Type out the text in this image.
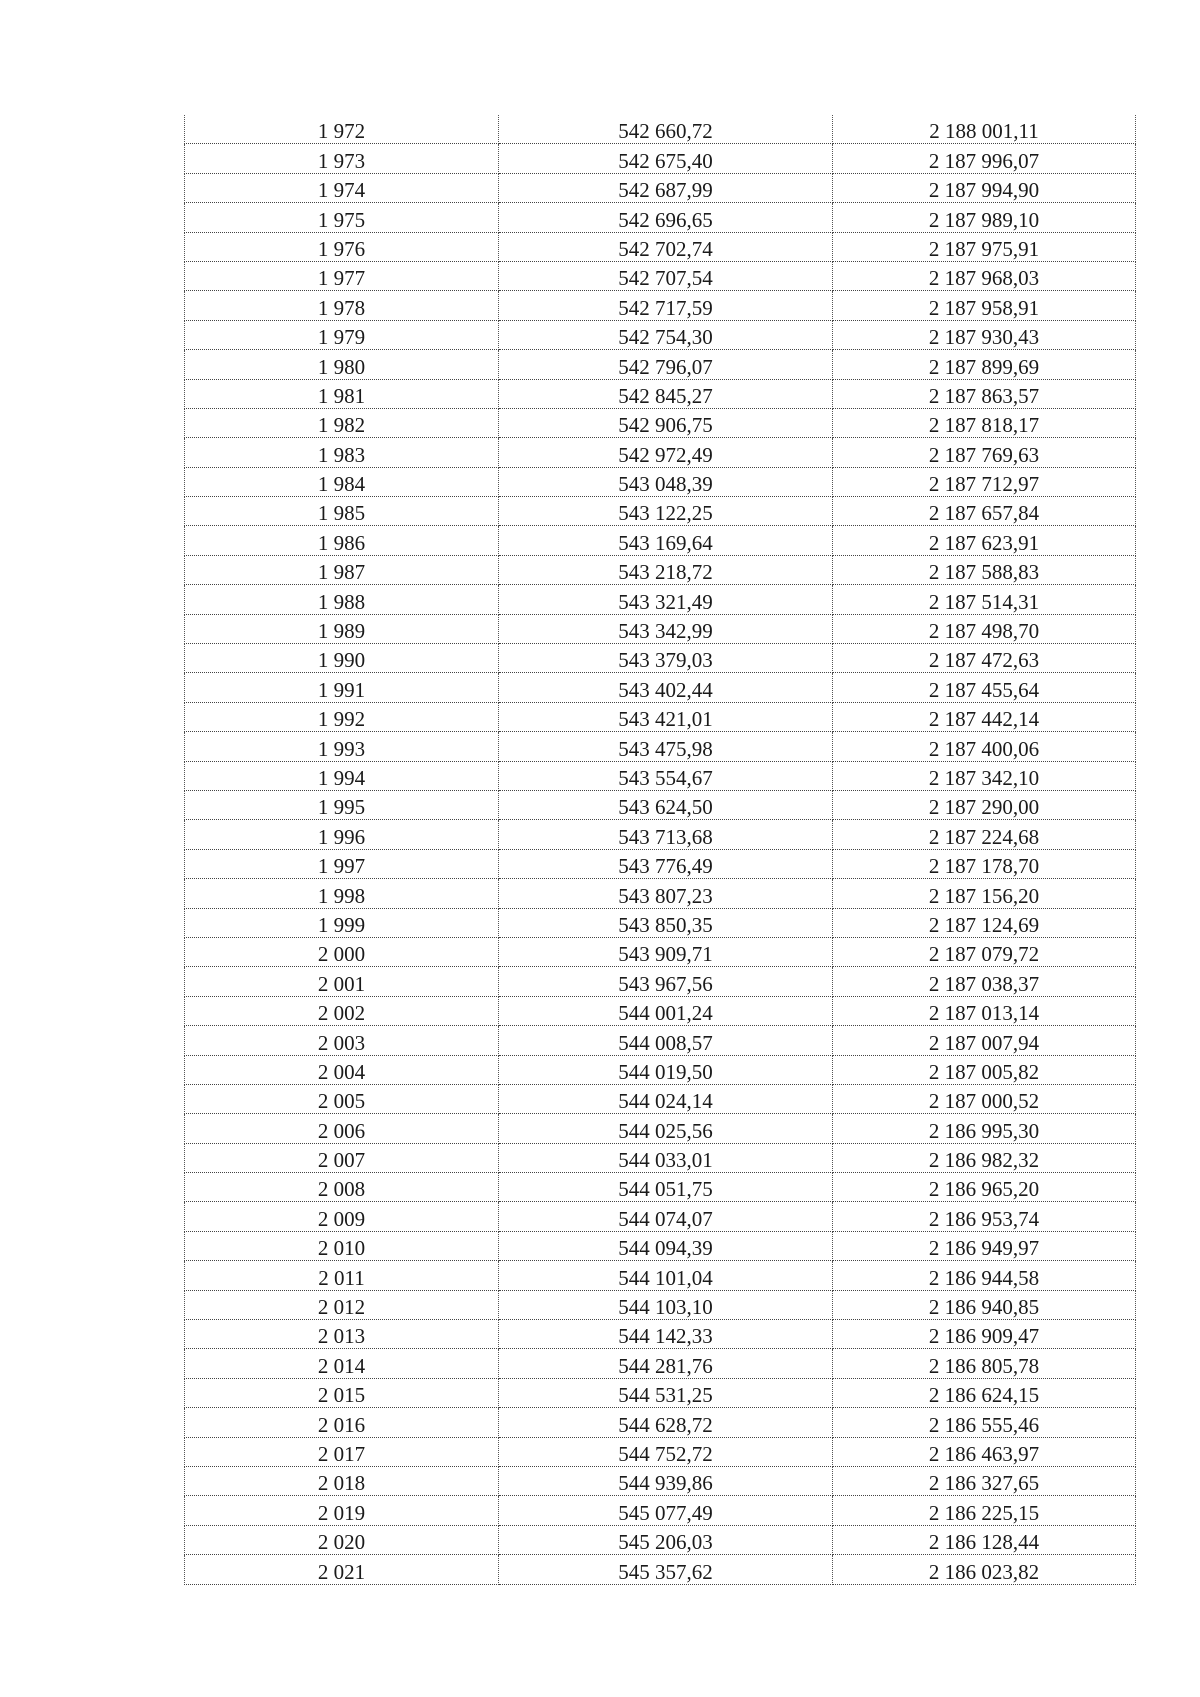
1 972	542 660,72	2 188 001,11
1 973	542 675,40	2 187 996,07
1 974	542 687,99	2 187 994,90
1 975	542 696,65	2 187 989,10
1 976	542 702,74	2 187 975,91
1 977	542 707,54	2 187 968,03
1 978	542 717,59	2 187 958,91
1 979	542 754,30	2 187 930,43
1 980	542 796,07	2 187 899,69
1 981	542 845,27	2 187 863,57
1 982	542 906,75	2 187 818,17
1 983	542 972,49	2 187 769,63
1 984	543 048,39	2 187 712,97
1 985	543 122,25	2 187 657,84
1 986	543 169,64	2 187 623,91
1 987	543 218,72	2 187 588,83
1 988	543 321,49	2 187 514,31
1 989	543 342,99	2 187 498,70
1 990	543 379,03	2 187 472,63
1 991	543 402,44	2 187 455,64
1 992	543 421,01	2 187 442,14
1 993	543 475,98	2 187 400,06
1 994	543 554,67	2 187 342,10
1 995	543 624,50	2 187 290,00
1 996	543 713,68	2 187 224,68
1 997	543 776,49	2 187 178,70
1 998	543 807,23	2 187 156,20
1 999	543 850,35	2 187 124,69
2 000	543 909,71	2 187 079,72
2 001	543 967,56	2 187 038,37
2 002	544 001,24	2 187 013,14
2 003	544 008,57	2 187 007,94
2 004	544 019,50	2 187 005,82
2 005	544 024,14	2 187 000,52
2 006	544 025,56	2 186 995,30
2 007	544 033,01	2 186 982,32
2 008	544 051,75	2 186 965,20
2 009	544 074,07	2 186 953,74
2 010	544 094,39	2 186 949,97
2 011	544 101,04	2 186 944,58
2 012	544 103,10	2 186 940,85
2 013	544 142,33	2 186 909,47
2 014	544 281,76	2 186 805,78
2 015	544 531,25	2 186 624,15
2 016	544 628,72	2 186 555,46
2 017	544 752,72	2 186 463,97
2 018	544 939,86	2 186 327,65
2 019	545 077,49	2 186 225,15
2 020	545 206,03	2 186 128,44
2 021	545 357,62	2 186 023,82
